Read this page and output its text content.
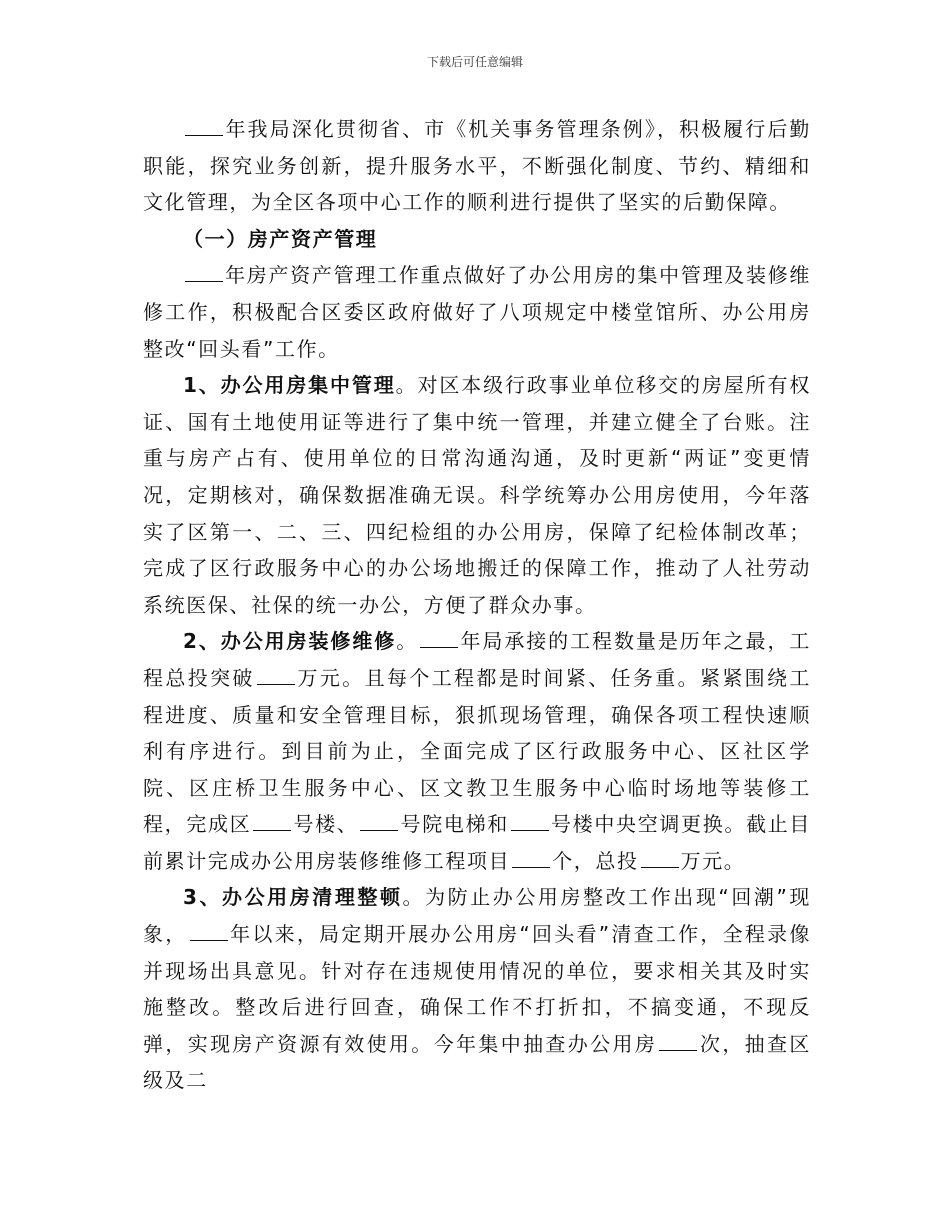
下载后可任意编辑

年我局深化贯彻省、市《机关事务管理条例》，积极履行后勤职能，探究业务创新，提升服务水平，不断强化制度、节约、精细和文化管理，为全区各项中心工作的顺利进行提供了坚实的后勤保障。

（一）房产资产管理

年房产资产管理工作重点做好了办公用房的集中管理及装修维修工作，积极配合区委区政府做好了八项规定中楼堂馆所、办公用房整改“回头看”工作。

1、办公用房集中管理。对区本级行政事业单位移交的房屋所有权证、国有土地使用证等进行了集中统一管理，并建立健全了台账。注重与房产占有、使用单位的日常沟通沟通，及时更新“两证”变更情况，定期核对，确保数据准确无误。科学统筹办公用房使用，今年落实了区第一、二、三、四纪检组的办公用房，保障了纪检体制改革；完成了区行政服务中心的办公场地搬迁的保障工作，推动了人社劳动系统医保、社保的统一办公，方便了群众办事。

2、办公用房装修维修。 年局承接的工程数量是历年之最，工程总投突破 万元。且每个工程都是时间紧、任务重。紧紧围绕工程进度、质量和安全管理目标，狠抓现场管理，确保各项工程快速顺利有序进行。到目前为止，全面完成了区行政服务中心、区社区学院、区庄桥卫生服务中心、区文教卫生服务中心临时场地等装修工程，完成区 号楼、 号院电梯和 号楼中央空调更换。截止目前累计完成办公用房装修维修工程项目 个，总投 万元。

3、办公用房清理整顿。为防止办公用房整改工作出现“回潮”现象， 年以来，局定期开展办公用房“回头看”清查工作，全程录像并现场出具意见。针对存在违规使用情况的单位，要求相关其及时实施整改。整改后进行回查，确保工作不打折扣，不搞变通，不现反弹，实现房产资源有效使用。今年集中抽查办公用房 次，抽查区级及二
